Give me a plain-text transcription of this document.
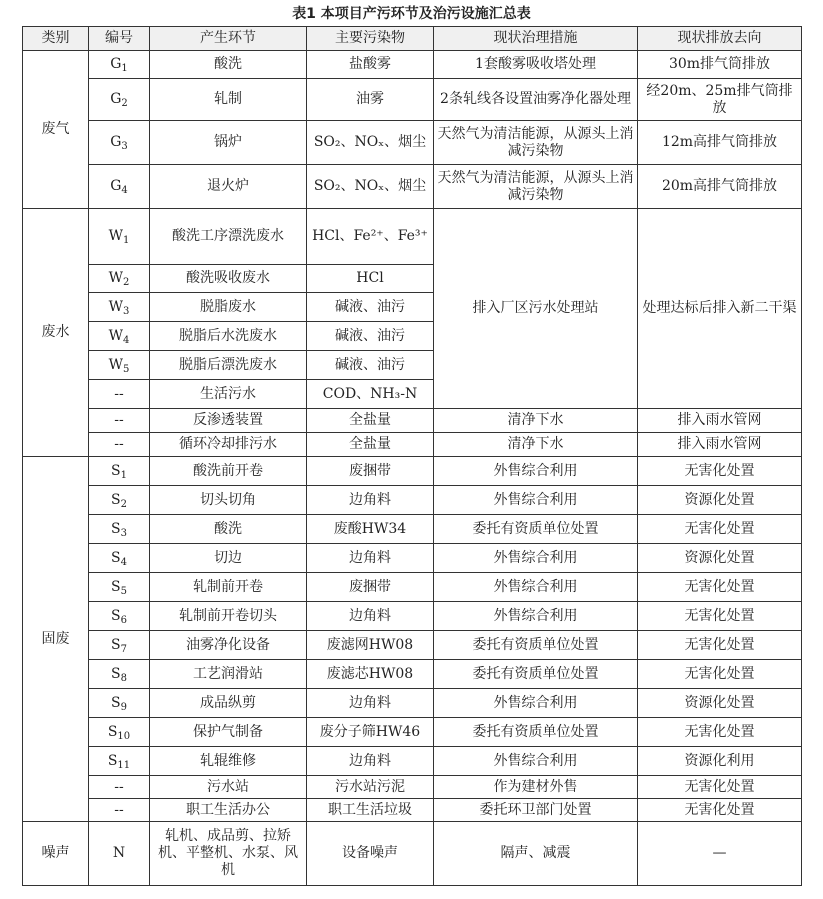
表1 本项目产污环节及治污设施汇总表
类别	编号	产生环节	主要污染物	现状治理措施	现状排放去向
废气	$G_1$	酸洗	盐酸雾	1套酸雾吸收塔处理	30m排气筒排放
	$G_2$	轧制	油雾	2条轧线各设置油雾净化器处理	经20m、25m排气筒排放
	$G_3$	锅炉	SO₂、NOₓ、烟尘	天然气为清洁能源，从源头上消减污染物	12m高排气筒排放
	$G_4$	退火炉	SO₂、NOₓ、烟尘	天然气为清洁能源，从源头上消减污染物	20m高排气筒排放
废水	$W_1$	酸洗工序漂洗废水	HCl、Fe²⁺、Fe³⁺	排入厂区污水处理站	处理达标后排入新二干渠
	$W_2$	酸洗吸收废水	HCl		
	$W_3$	脱脂废水	碱液、油污		
	$W_4$	脱脂后水洗废水	碱液、油污		
	$W_5$	脱脂后漂洗废水	碱液、油污		
	--	生活污水	COD、NH₃-N		
	--	反渗透装置	全盐量	清净下水	排入雨水管网
	--	循环冷却排污水	全盐量	清净下水	排入雨水管网
固废	$S_1$	酸洗前开卷	废捆带	外售综合利用	无害化处置
	$S_2$	切头切角	边角料	外售综合利用	资源化处置
	$S_3$	酸洗	废酸HW34	委托有资质单位处置	无害化处置
	$S_4$	切边	边角料	外售综合利用	资源化处置
	$S_5$	轧制前开卷	废捆带	外售综合利用	无害化处置
	$S_6$	轧制前开卷切头	边角料	外售综合利用	无害化处置
	$S_7$	油雾净化设备	废滤网HW08	委托有资质单位处置	无害化处置
	$S_8$	工艺润滑站	废滤芯HW08	委托有资质单位处置	无害化处置
	$S_9$	成品纵剪	边角料	外售综合利用	资源化处置
	$S_{10}$	保护气制备	废分子筛HW46	委托有资质单位处置	无害化处置
	$S_{11}$	轧辊维修	边角料	外售综合利用	资源化利用
	--	污水站	污水站污泥	作为建材外售	无害化处置
	--	职工生活办公	职工生活垃圾	委托环卫部门处置	无害化处置
噪声	N	轧机、成品剪、拉矫机、平整机、水泵、风机	设备噪声	隔声、减震	—
